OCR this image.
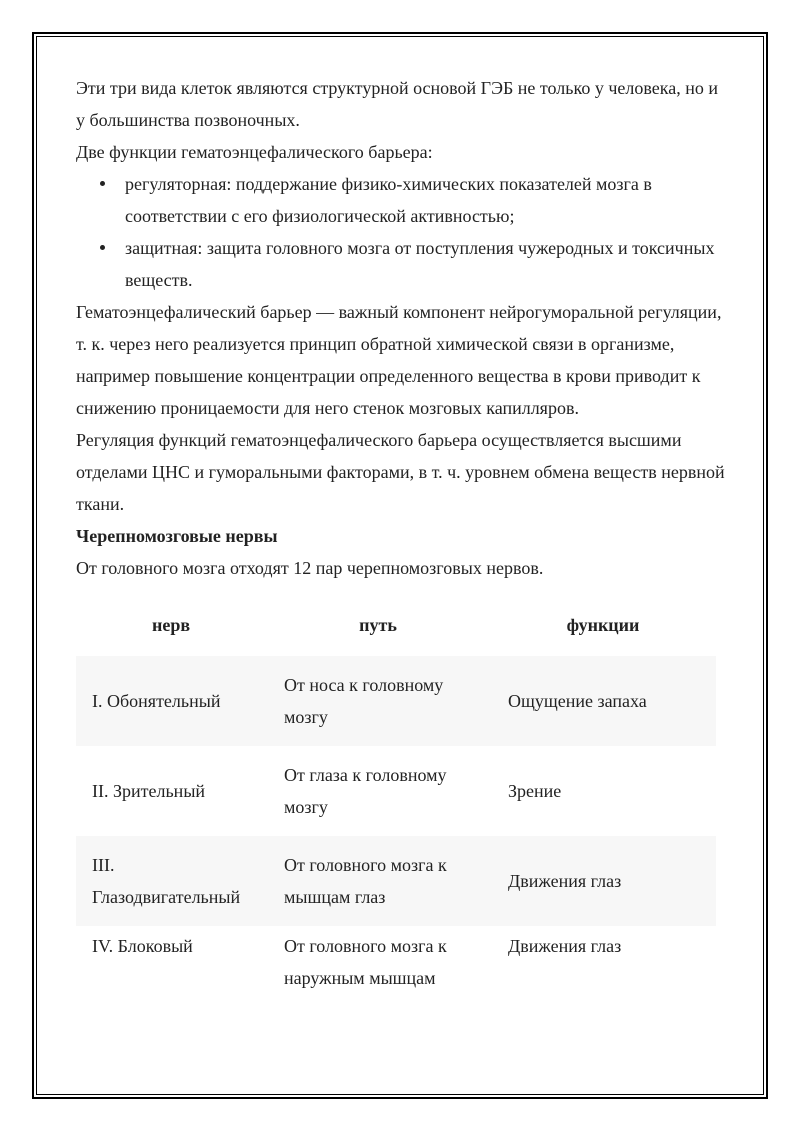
Эти три вида клеток являются структурной основой ГЭБ не только у человека, но и у большинства позвоночных.

Две функции гематоэнцефалического барьера:

регуляторная: поддержание физико-химических показателей мозга в соответствии с его физиологической активностью;
защитная: защита головного мозга от поступления чужеродных и токсичных веществ.

Гематоэнцефалический барьер — важный компонент нейрогуморальной регуляции, т. к. через него реализуется принцип обратной химической связи в организме, например повышение концентрации определенного вещества в крови приводит к снижению проницаемости для него стенок мозговых капилляров.

Регуляция функций гематоэнцефалического барьера осуществляется высшими отделами ЦНС и гуморальными факторами, в т. ч. уровнем обмена веществ нервной ткани.

Черепномозговые нервы

От головного мозга отходят 12 пар черепномозговых нервов.

нерв	путь	функции
I. Обонятельный	От носа к головному мозгу	Ощущение запаха
II. Зрительный	От глаза к головному мозгу	Зрение
III. Глазодвигательный	От головного мозга к мышцам глаз	Движения глаз
IV. Блоковый	От головного мозга к наружным мышцам	Движения глаз
